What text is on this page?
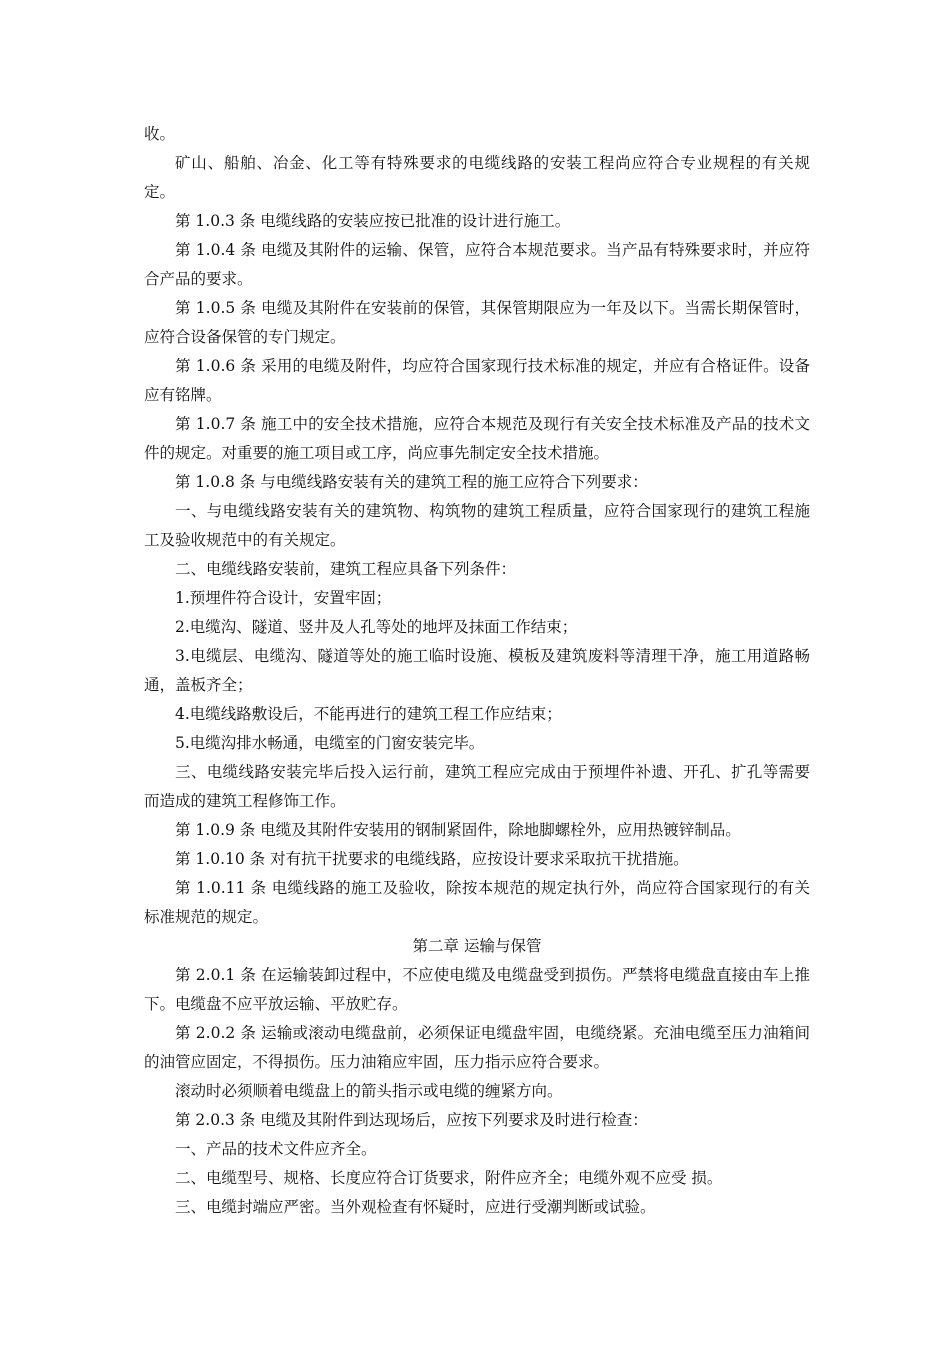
收。

矿山、船舶、冶金、化工等有特殊要求的电缆线路的安装工程尚应符合专业规程的有关规定。

第 1.0.3 条 电缆线路的安装应按已批准的设计进行施工。

第 1.0.4 条 电缆及其附件的运输、保管，应符合本规范要求。当产品有特殊要求时，并应符合产品的要求。

第 1.0.5 条 电缆及其附件在安装前的保管，其保管期限应为一年及以下。当需长期保管时，应符合设备保管的专门规定。

第 1.0.6 条 采用的电缆及附件，均应符合国家现行技术标准的规定，并应有合格证件。设备应有铭牌。

第 1.0.7 条 施工中的安全技术措施，应符合本规范及现行有关安全技术标准及产品的技术文件的规定。对重要的施工项目或工序，尚应事先制定安全技术措施。

第 1.0.8 条 与电缆线路安装有关的建筑工程的施工应符合下列要求：

一、与电缆线路安装有关的建筑物、构筑物的建筑工程质量，应符合国家现行的建筑工程施工及验收规范中的有关规定。

二、电缆线路安装前，建筑工程应具备下列条件：

1.预埋件符合设计，安置牢固；

2.电缆沟、隧道、竖井及人孔等处的地坪及抹面工作结束；

3.电缆层、电缆沟、隧道等处的施工临时设施、模板及建筑废料等清理干净，施工用道路畅通，盖板齐全；

4.电缆线路敷设后，不能再进行的建筑工程工作应结束；

5.电缆沟排水畅通，电缆室的门窗安装完毕。

三、电缆线路安装完毕后投入运行前，建筑工程应完成由于预埋件补遗、开孔、扩孔等需要而造成的建筑工程修饰工作。

第 1.0.9 条 电缆及其附件安装用的钢制紧固件，除地脚螺栓外，应用热镀锌制品。

第 1.0.10 条 对有抗干扰要求的电缆线路，应按设计要求采取抗干扰措施。

第 1.0.11 条 电缆线路的施工及验收，除按本规范的规定执行外，尚应符合国家现行的有关标准规范的规定。

第二章 运输与保管

第 2.0.1 条 在运输装卸过程中，不应使电缆及电缆盘受到损伤。严禁将电缆盘直接由车上推下。电缆盘不应平放运输、平放贮存。

第 2.0.2 条 运输或滚动电缆盘前，必须保证电缆盘牢固，电缆绕紧。充油电缆至压力油箱间的油管应固定，不得损伤。压力油箱应牢固，压力指示应符合要求。

滚动时必须顺着电缆盘上的箭头指示或电缆的缠紧方向。

第 2.0.3 条 电缆及其附件到达现场后，应按下列要求及时进行检查：

一、产品的技术文件应齐全。

二、电缆型号、规格、长度应符合订货要求，附件应齐全；电缆外观不应受 损。

三、电缆封端应严密。当外观检查有怀疑时，应进行受潮判断或试验。
